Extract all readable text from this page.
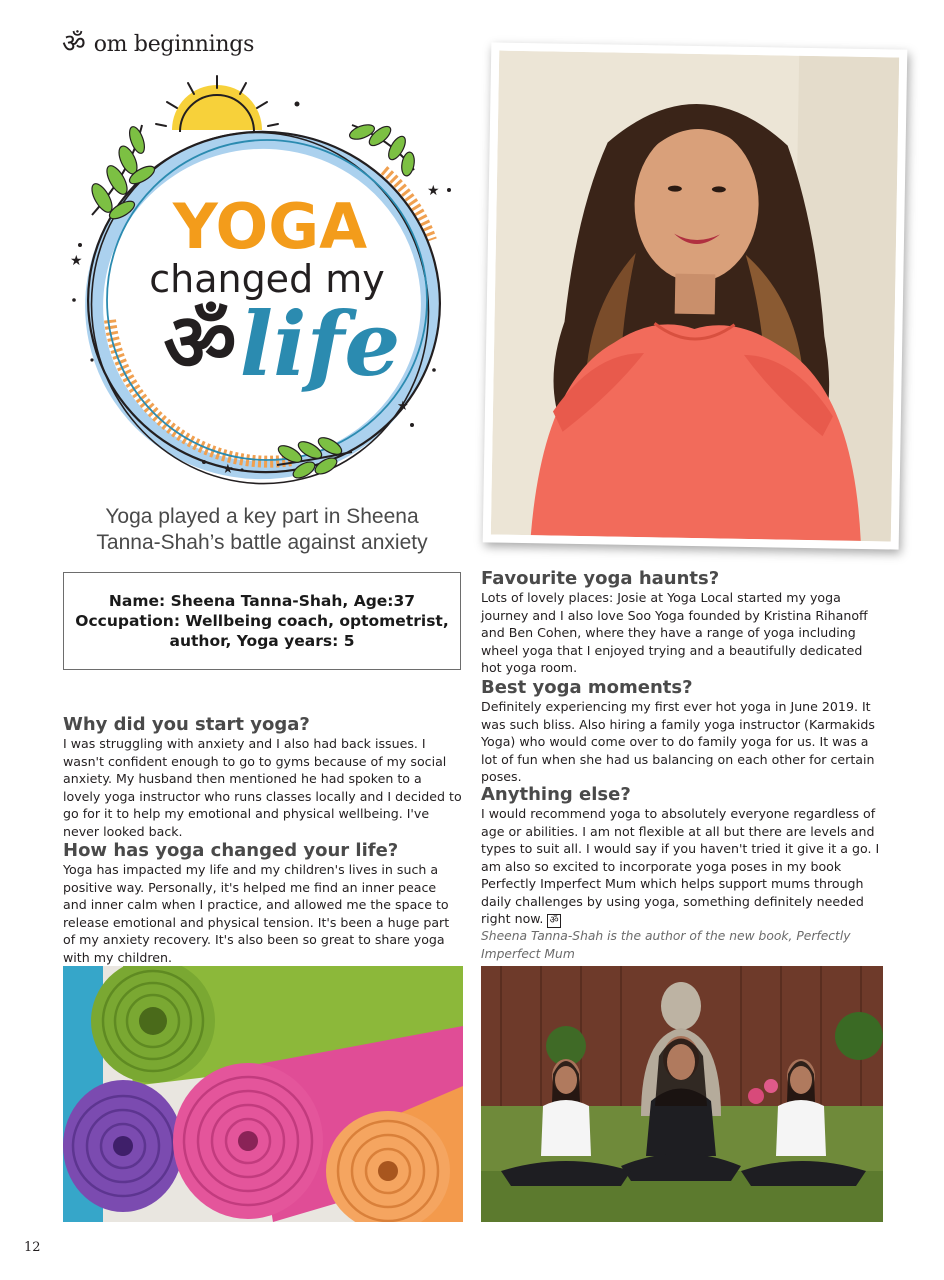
ॐ om beginnings
★
★
★
★
YOGA
changed my
ॐ life
Yoga played a key part in Sheena
Tanna-Shah’s battle against anxiety
Name: Sheena Tanna-Shah, Age:37
Occupation: Wellbeing coach, optometrist,
author, Yoga years: 5
Why did you start yoga?

I was struggling with anxiety and I also had back issues. I wasn't confident enough to go to gyms because of my social anxiety. My husband then mentioned he had spoken to a lovely yoga instructor who runs classes locally and I decided to go for it to help my emotional and physical wellbeing. I've never looked back.

How has yoga changed your life?

Yoga has impacted my life and my children's lives in such a positive way. Personally, it's helped me find an inner peace and inner calm when I practice, and allowed me the space to release emotional and physical tension. It's been a huge part of my anxiety recovery. It's also been so great to share yoga with my children.

Favourite yoga haunts?

Lots of lovely places: Josie at Yoga Local started my yoga journey and I also love Soo Yoga founded by Kristina Rihanoff and Ben Cohen, where they have a range of yoga including wheel yoga that I enjoyed trying and a beautifully dedicated hot yoga room.

Best yoga moments?

Definitely experiencing my first ever hot yoga in June 2019. It was such bliss. Also hiring a family yoga instructor (Karmakids Yoga) who would come over to do family yoga for us. It was a lot of fun when she had us balancing on each other for certain poses.

Anything else?

I would recommend yoga to absolutely everyone regardless of age or abilities. I am not flexible at all but there are levels and types to suit all. I would say if you haven't tried it give it a go. I am also so excited to incorporate yoga poses in my book Perfectly Imperfect Mum which helps support mums through daily challenges by using yoga, something definitely needed right now. ॐ

Sheena Tanna-Shah is the author of the new book, Perfectly Imperfect Mum

12
